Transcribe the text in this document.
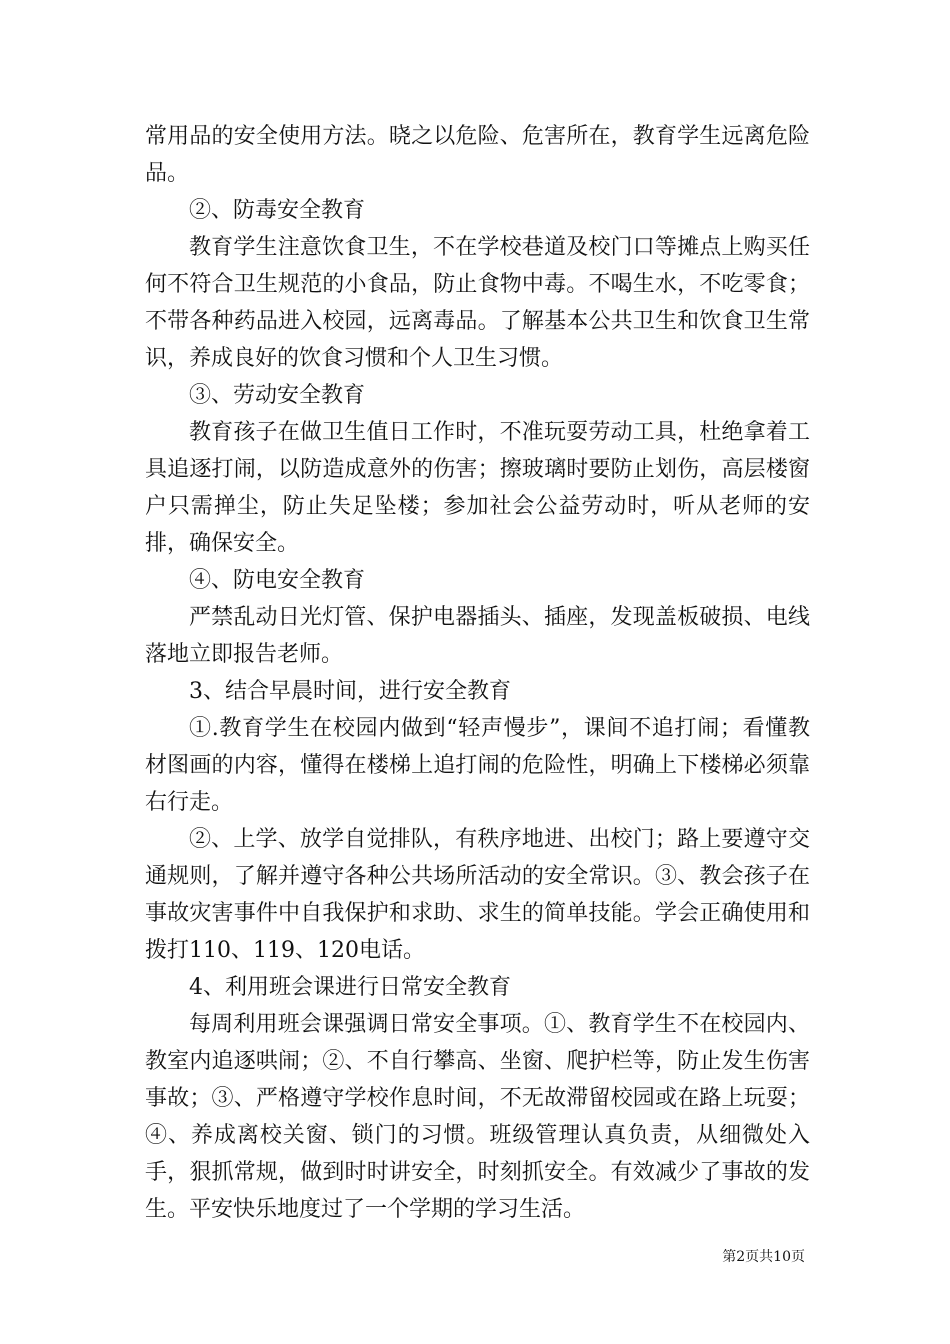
常用品的安全使用方法。晓之以危险、危害所在，教育学生远离危险品。

②、防毒安全教育

教育学生注意饮食卫生，不在学校巷道及校门口等摊点上购买任何不符合卫生规范的小食品，防止食物中毒。不喝生水，不吃零食；不带各种药品进入校园，远离毒品。了解基本公共卫生和饮食卫生常识，养成良好的饮食习惯和个人卫生习惯。

③、劳动安全教育

教育孩子在做卫生值日工作时，不准玩耍劳动工具，杜绝拿着工具追逐打闹，以防造成意外的伤害；擦玻璃时要防止划伤，高层楼窗户只需掸尘，防止失足坠楼；参加社会公益劳动时，听从老师的安排，确保安全。

④、防电安全教育

严禁乱动日光灯管、保护电器插头、插座，发现盖板破损、电线落地立即报告老师。

3、结合早晨时间，进行安全教育

①.教育学生在校园内做到“轻声慢步”，课间不追打闹；看懂教材图画的内容，懂得在楼梯上追打闹的危险性，明确上下楼梯必须靠右行走。

②、上学、放学自觉排队，有秩序地进、出校门；路上要遵守交通规则，了解并遵守各种公共场所活动的安全常识。③、教会孩子在事故灾害事件中自我保护和求助、求生的简单技能。学会正确使用和拨打110、119、120电话。

4、利用班会课进行日常安全教育

每周利用班会课强调日常安全事项。①、教育学生不在校园内、教室内追逐哄闹；②、不自行攀高、坐窗、爬护栏等，防止发生伤害事故；③、严格遵守学校作息时间，不无故滞留校园或在路上玩耍；④、养成离校关窗、锁门的习惯。班级管理认真负责，从细微处入手，狠抓常规，做到时时讲安全，时刻抓安全。有效减少了事故的发生。平安快乐地度过了一个学期的学习生活。

第2页共10页
